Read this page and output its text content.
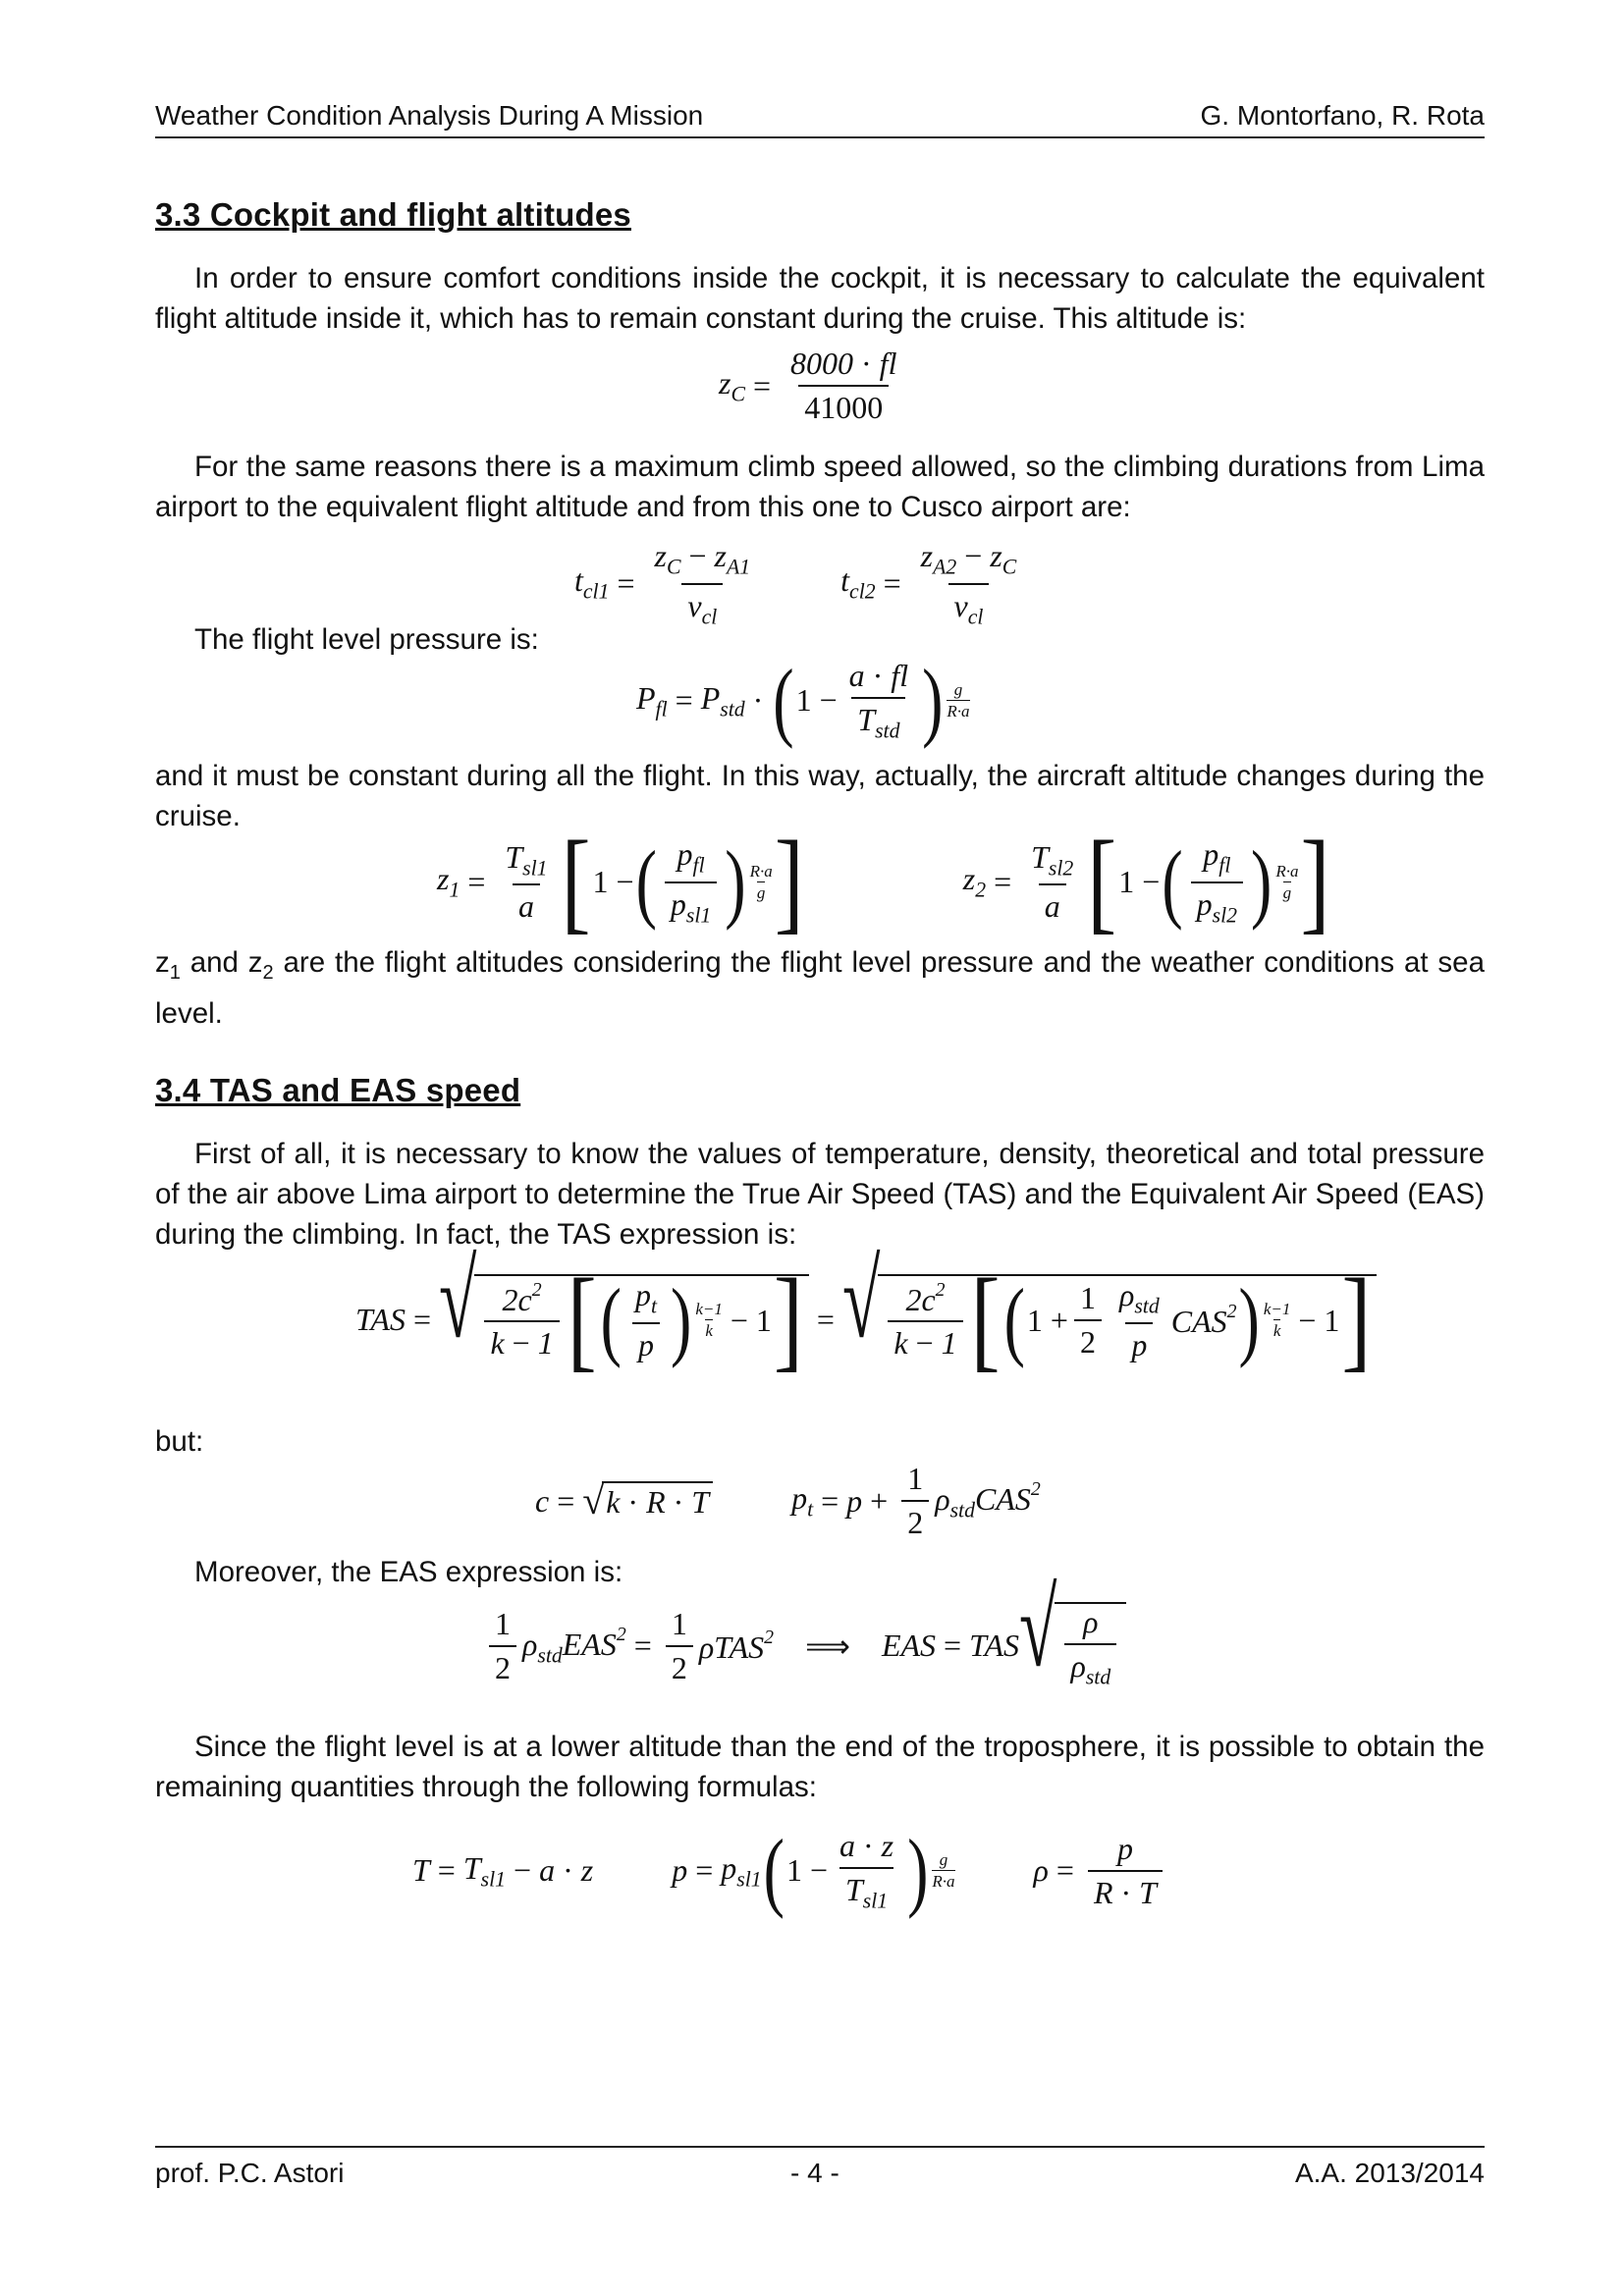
Weather Condition Analysis During A Mission	G. Montorfano, R. Rota
3.3 Cockpit and flight altitudes
In order to ensure comfort conditions inside the cockpit, it is necessary to calculate the equivalent flight altitude inside it, which has to remain constant during the cruise. This altitude is:
$z_C = \frac{8000 \cdot fl}{41000}$
For the same reasons there is a maximum climb speed allowed, so the climbing durations from Lima airport to the equivalent flight altitude and from this one to Cusco airport are:
$t_{cl1} = \frac{z_C - z_{A1}}{v_{cl}}$	$t_{cl2} = \frac{z_{A2} - z_C}{v_{cl}}$
The flight level pressure is:
$P_{fl} = P_{std}$ · ( $1 - \frac{a \cdot fl}{T_{std}}$ ) g
R·a
and it must be constant during all the flight. In this way, actually, the aircraft altitude changes during the cruise.
$z_1 = \frac{T_{sl1}}{a}$ [ 1 − ( $\frac{p_{fl}}{p_{sl1}}$ ) R·a
g ]	$z_2 = \frac{T_{sl2}}{a}$ [ 1 − ( $\frac{p_{fl}}{p_{sl2}}$ ) R·a
g ]
$z_1$ and $z_2$ are the flight altitudes considering the flight level pressure and the weather conditions at sea level.
3.4 TAS and EAS speed
First of all, it is necessary to know the values of temperature, density, theoretical and total pressure of the air above Lima airport to determine the True Air Speed (TAS) and the Equivalent Air Speed (EAS) during the climbing. In fact, the TAS expression is:
TAS = √ $\frac{2c^2}{k - 1}$ [ ( $\frac{p_t}{p}$ ) k−1
k − 1 ] = √ $\frac{2c^2}{k - 1}$ [ ( $1 + \frac{1}{2} \frac{\rho_{std}}{p} CAS^2$ ) k−1
k − 1 ]
but:
c = √ k · R · T	$p_t = p + \frac{1}{2} \rho_{std}CAS^2$
Moreover, the EAS expression is:
$\frac{1}{2} \rho_{std}EAS^2 = \frac{1}{2} \rho TAS^2$ ⟹ EAS = TAS √ $\frac{\rho}{\rho_{std}}$
Since the flight level is at a lower altitude than the end of the troposphere, it is possible to obtain the remaining quantities through the following formulas:
$T = T_{sl1} - a \cdot z$	$p = p_{sl1}$ ( $1 - \frac{a \cdot z}{T_{sl1}}$ ) g
R·a	$\rho = \frac{p}{R \cdot T}$
prof. P.C. Astori	- 4 -	A.A. 2013/2014
